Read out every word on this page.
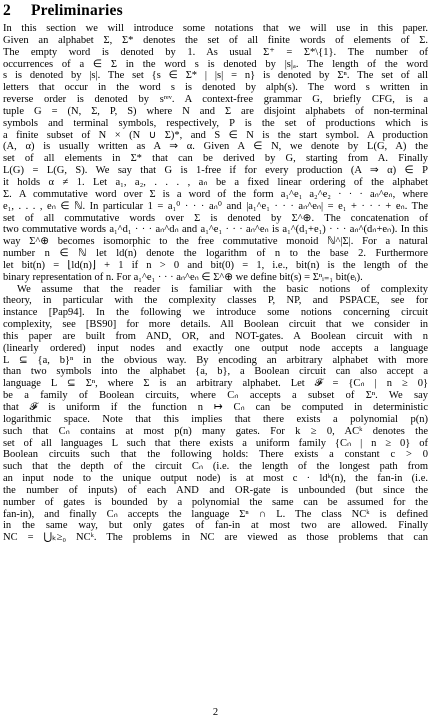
2 Preliminaries
In this section we will introduce some notations that we will use in this paper.
Given an alphabet Σ, Σ* denotes the set of all finite words of elements of Σ.
The empty word is denoted by 1. As usual Σ⁺ = Σ*\{1}. The number of
occurrences of a ∈ Σ in the word s is denoted by |s|ₐ. The length of the word
s is denoted by |s|. The set {s ∈ Σ* | |s| = n} is denoted by Σⁿ. The set of all
letters that occur in the word s is denoted by alph(s). The word s written in
reverse order is denoted by sʳᵉᵛ. A context-free grammar G, briefly CFG, is a
tuple G = (N, Σ, P, S) where N and Σ are disjoint alphabets of non-terminal
symbols and terminal symbols, respectively, P is the set of productions which is
a finite subset of N × (N ∪ Σ)*, and S ∈ N is the start symbol. A production
(A, α) is usually written as A ⇒ α. Given A ∈ N, we denote by L(G, A) the
set of all elements in Σ* that can be derived by G, starting from A. Finally
L(G) = L(G, S). We say that G is 1-free if for every production (A ⇒ α) ∈ P
it holds α ≠ 1. Let a₁, a₂, . . . , aₙ be a fixed linear ordering of the alphabet
Σ. A commutative word over Σ is a word of the form a₁^e₁ a₂^e₂ · · · aₙ^eₙ, where
e₁, . . . , eₙ ∈ ℕ. In particular 1 = a₁⁰ · · · aₙ⁰ and |a₁^e₁ · · · aₙ^eₙ| = e₁ + · · · + eₙ. The
set of all commutative words over Σ is denoted by Σ^⊕. The concatenation of
two commutative words a₁^d₁ · · · aₙ^dₙ and a₁^e₁ · · · aₙ^eₙ is a₁^(d₁+e₁) · · · aₙ^(dₙ+eₙ). In this
way Σ^⊕ becomes isomorphic to the free commutative monoid ℕ^|Σ|. For a natural
number n ∈ ℕ let ld(n) denote the logarithm of n to the base 2. Furthermore
let bit(n) = ⌊ld(n)⌋ + 1 if n > 0 and bit(0) = 1, i.e., bit(n) is the length of the
binary representation of n. For a₁^e₁ · · · aₙ^eₙ ∈ Σ^⊕ we define bit(s) = Σⁿᵢ₌₁ bit(eᵢ).
We assume that the reader is familiar with the basic notions of complexity
theory, in particular with the complexity classes P, NP, and PSPACE, see for
instance [Pap94]. In the following we introduce some notions concerning circuit
complexity, see [BS90] for more details. All Boolean circuit that we consider in
this paper are built from AND, OR, and NOT-gates. A Boolean circuit with n
(linearly ordered) input nodes and exactly one output node accepts a language
L ⊆ {a, b}ⁿ in the obvious way. By encoding an arbitrary alphabet with more
than two symbols into the alphabet {a, b}, a Boolean circuit can also accept a
language L ⊆ Σⁿ, where Σ is an arbitrary alphabet. Let 𝓕 = {Cₙ | n ≥ 0}
be a family of Boolean circuits, where Cₙ accepts a subset of Σⁿ. We say
that 𝓕 is uniform if the function n ↦ Cₙ can be computed in deterministic
logarithmic space. Note that this implies that there exists a polynomial p(n)
such that Cₙ contains at most p(n) many gates. For k ≥ 0, ACᵏ denotes the
set of all languages L such that there exists a uniform family {Cₙ | n ≥ 0} of
Boolean circuits such that the following holds: There exists a constant c > 0
such that the depth of the circuit Cₙ (i.e. the length of the longest path from
an input node to the unique output node) is at most c · ldᵏ(n), the fan-in (i.e.
the number of inputs) of each AND and OR-gate is unbounded (but since the
number of gates is bounded by a polynomial the same can be assumed for the
fan-in), and finally Cₙ accepts the language Σⁿ ∩ L. The class NCᵏ is defined
in the same way, but only gates of fan-in at most two are allowed. Finally
NC = ⋃ₖ≥₀ NCᵏ. The problems in NC are viewed as those problems that can
2
